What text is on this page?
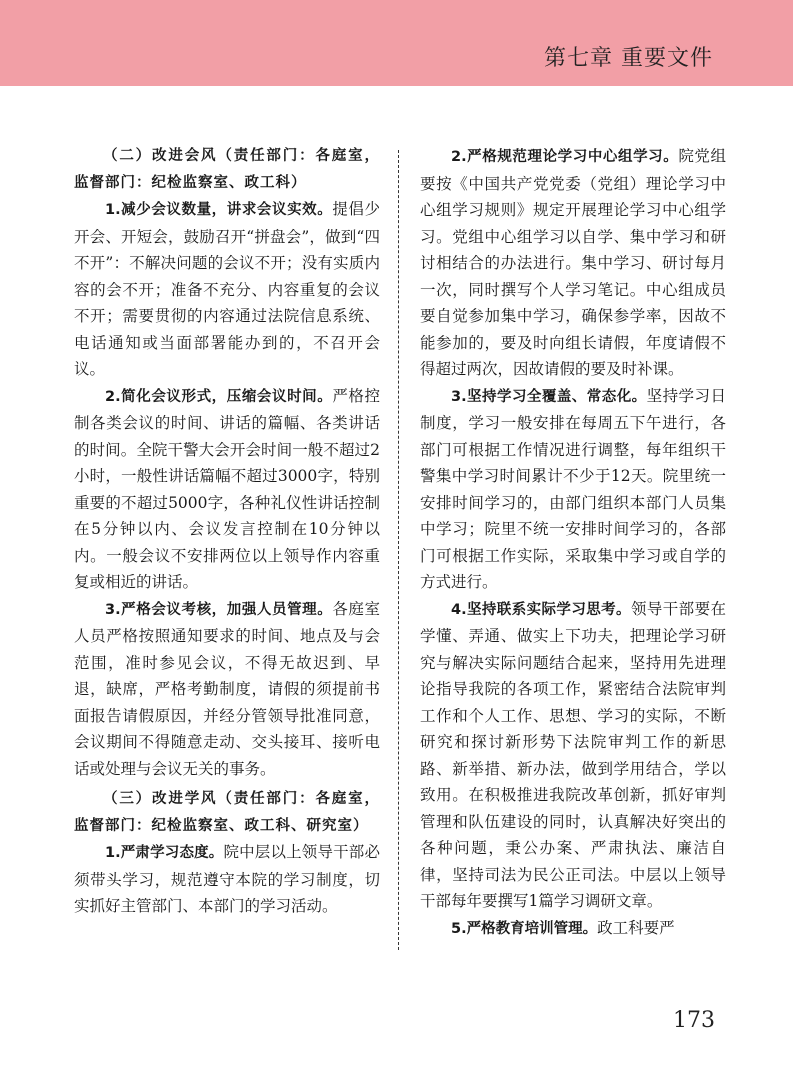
第七章 重要文件

（二）改进会风（责任部门：各庭室，监督部门：纪检监察室、政工科）

1.减少会议数量，讲求会议实效。提倡少开会、开短会，鼓励召开“拼盘会”，做到“四不开”：不解决问题的会议不开；没有实质内容的会不开；准备不充分、内容重复的会议不开；需要贯彻的内容通过法院信息系统、电话通知或当面部署能办到的，不召开会议。

2.简化会议形式，压缩会议时间。严格控制各类会议的时间、讲话的篇幅、各类讲话的时间。全院干警大会开会时间一般不超过2小时，一般性讲话篇幅不超过3000字，特别重要的不超过5000字，各种礼仪性讲话控制在5分钟以内、会议发言控制在10分钟以内。一般会议不安排两位以上领导作内容重复或相近的讲话。

3.严格会议考核，加强人员管理。各庭室人员严格按照通知要求的时间、地点及与会范围，准时参见会议，不得无故迟到、早退，缺席，严格考勤制度，请假的须提前书面报告请假原因，并经分管领导批准同意，会议期间不得随意走动、交头接耳、接听电话或处理与会议无关的事务。

（三）改进学风（责任部门：各庭室，监督部门：纪检监察室、政工科、研究室）

1.严肃学习态度。院中层以上领导干部必须带头学习，规范遵守本院的学习制度，切实抓好主管部门、本部门的学习活动。

2.严格规范理论学习中心组学习。院党组要按《中国共产党党委（党组）理论学习中心组学习规则》规定开展理论学习中心组学习。党组中心组学习以自学、集中学习和研讨相结合的办法进行。集中学习、研讨每月一次，同时撰写个人学习笔记。中心组成员要自觉参加集中学习，确保参学率，因故不能参加的，要及时向组长请假，年度请假不得超过两次，因故请假的要及时补课。

3.坚持学习全覆盖、常态化。坚持学习日制度，学习一般安排在每周五下午进行，各部门可根据工作情况进行调整，每年组织干警集中学习时间累计不少于12天。院里统一安排时间学习的，由部门组织本部门人员集中学习；院里不统一安排时间学习的，各部门可根据工作实际，采取集中学习或自学的方式进行。

4.坚持联系实际学习思考。领导干部要在学懂、弄通、做实上下功夫，把理论学习研究与解决实际问题结合起来，坚持用先进理论指导我院的各项工作，紧密结合法院审判工作和个人工作、思想、学习的实际，不断研究和探讨新形势下法院审判工作的新思路、新举措、新办法，做到学用结合，学以致用。在积极推进我院改革创新，抓好审判管理和队伍建设的同时，认真解决好突出的各种问题，秉公办案、严肃执法、廉洁自律，坚持司法为民公正司法。中层以上领导干部每年要撰写1篇学习调研文章。

5.严格教育培训管理。政工科要严

173
